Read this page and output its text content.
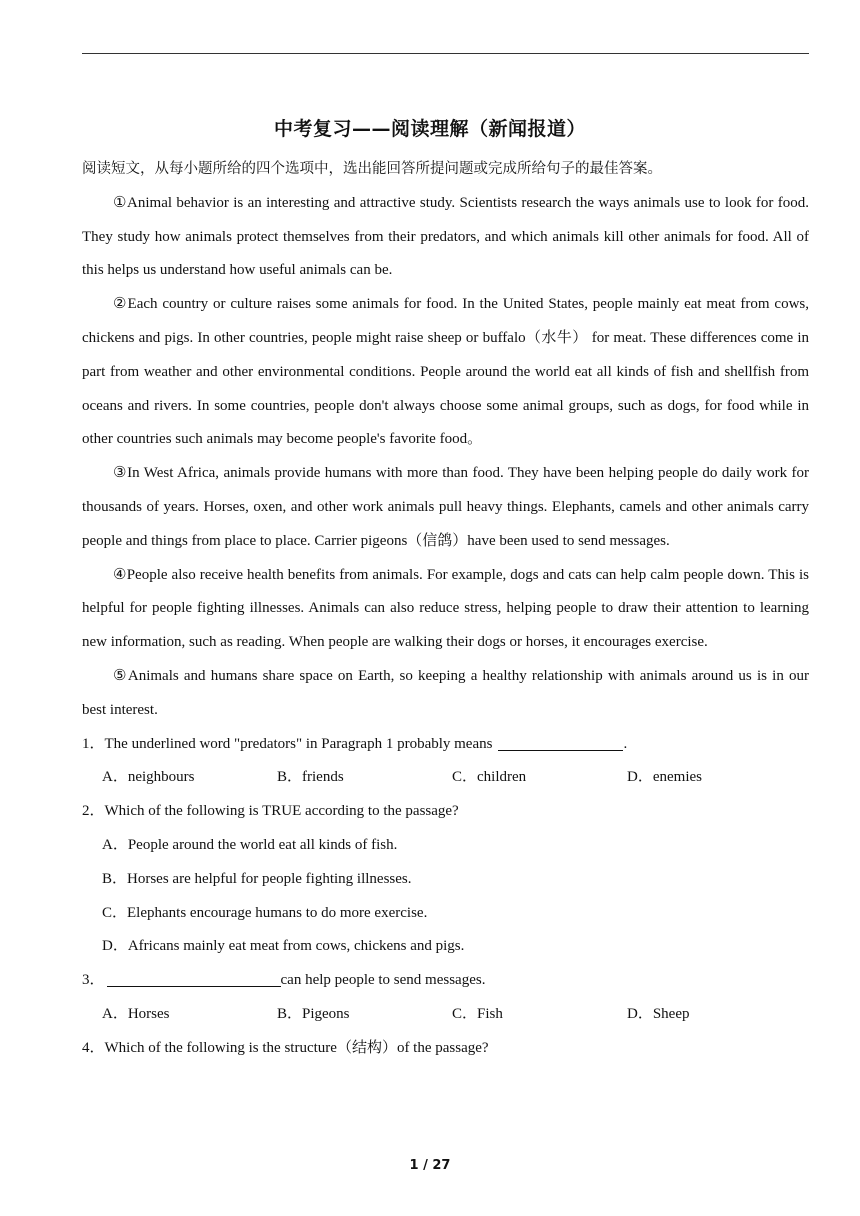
中考复习——阅读理解（新闻报道）

阅读短文，从每小题所给的四个选项中，选出能回答所提问题或完成所给句子的最佳答案。

①Animal behavior is an interesting and attractive study. Scientists research the ways animals use to look for food. They study how animals protect themselves from their predators, and which animals kill other animals for food. All of this helps us understand how useful animals can be.

②Each country or culture raises some animals for food. In the United States, people mainly eat meat from cows, chickens and pigs. In other countries, people might raise sheep or buffalo（水牛） for meat. These differences come in part from weather and other environmental conditions. People around the world eat all kinds of fish and shellfish from oceans and rivers. In some countries, people don't always choose some animal groups, such as dogs, for food while in other countries such animals may become people's favorite food。

③In West Africa, animals provide humans with more than food. They have been helping people do daily work for thousands of years. Horses, oxen, and other work animals pull heavy things. Elephants, camels and other animals carry people and things from place to place. Carrier pigeons（信鸽）have been used to send messages.

④People also receive health benefits from animals. For example, dogs and cats can help calm people down. This is helpful for people fighting illnesses. Animals can also reduce stress, helping people to draw their attention to learning new information, such as reading. When people are walking their dogs or horses, it encourages exercise.

⑤Animals and humans share space on Earth, so keeping a healthy relationship with animals around us is in our best interest.

1．The underlined word "predators" in Paragraph 1 probably means	.

A．neighbours	B．friends	C．children	D．enemies

2．Which of the following is TRUE according to the passage?

A．People around the world eat all kinds of fish.

B．Horses are helpful for people fighting illnesses.

C．Elephants encourage humans to do more exercise.

D．Africans mainly eat meat from cows, chickens and pigs.

3．	can help people to send messages.

A．Horses	B．Pigeons	C．Fish	D．Sheep

4．Which of the following is the structure（结构）of the passage?

1 / 27
